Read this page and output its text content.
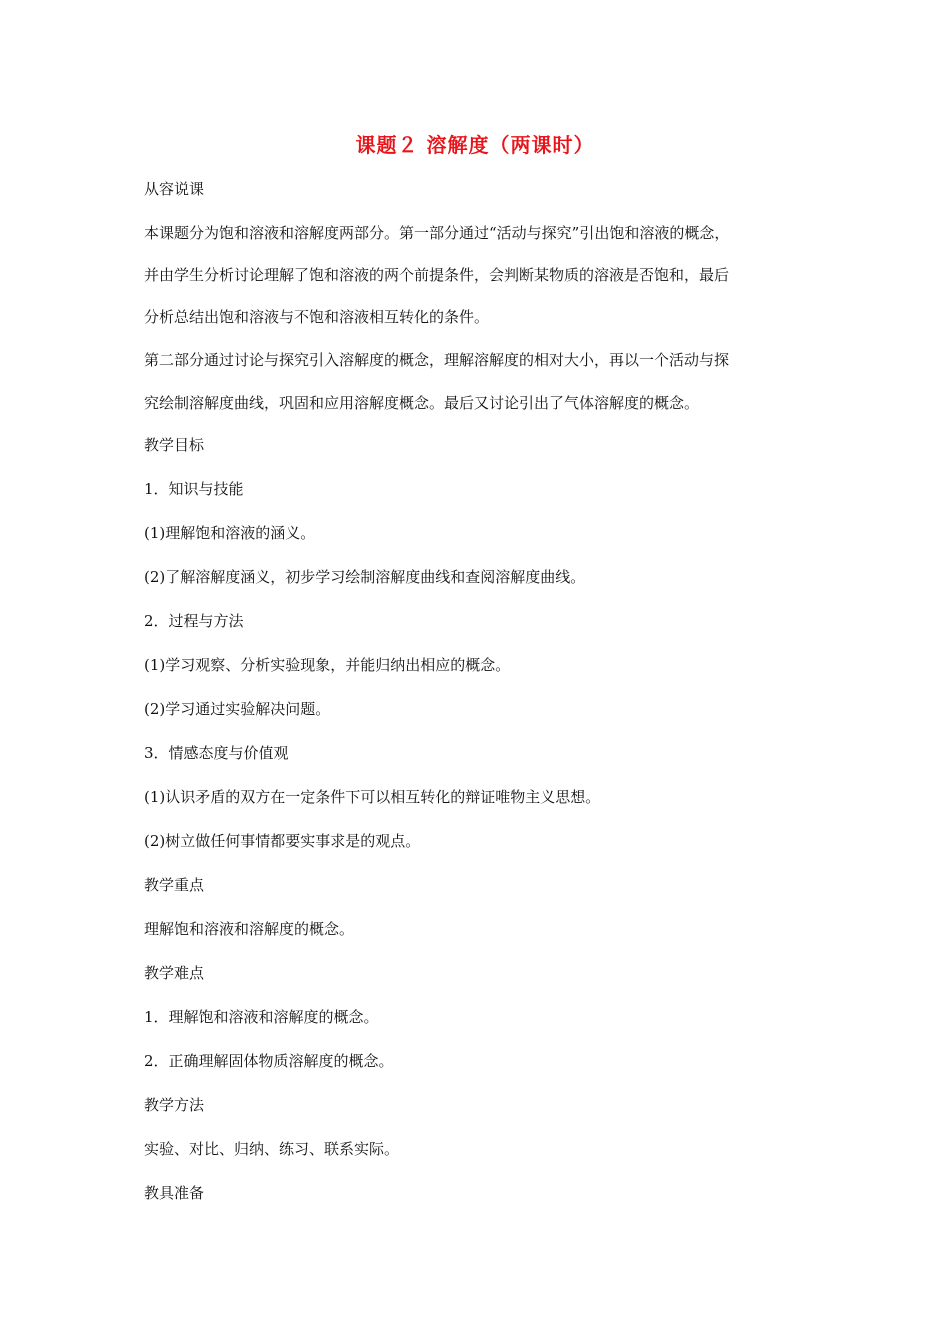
课题２ 溶解度（两课时）
从容说课
本课题分为饱和溶液和溶解度两部分。第一部分通过“活动与探究”引出饱和溶液的概念，
并由学生分析讨论理解了饱和溶液的两个前提条件，会判断某物质的溶液是否饱和，最后
分析总结出饱和溶液与不饱和溶液相互转化的条件。
第二部分通过讨论与探究引入溶解度的概念，理解溶解度的相对大小，再以一个活动与探
究绘制溶解度曲线，巩固和应用溶解度概念。最后又讨论引出了气体溶解度的概念。
教学目标
1．知识与技能
(1)理解饱和溶液的涵义。
(2)了解溶解度涵义，初步学习绘制溶解度曲线和查阅溶解度曲线。
2．过程与方法
(1)学习观察、分析实验现象，并能归纳出相应的概念。
(2)学习通过实验解决问题。
3．情感态度与价值观
(1)认识矛盾的双方在一定条件下可以相互转化的辩证唯物主义思想。
(2)树立做任何事情都要实事求是的观点。
教学重点
理解饱和溶液和溶解度的概念。
教学难点
1．理解饱和溶液和溶解度的概念。
2．正确理解固体物质溶解度的概念。
教学方法
实验、对比、归纳、练习、联系实际。
教具准备
